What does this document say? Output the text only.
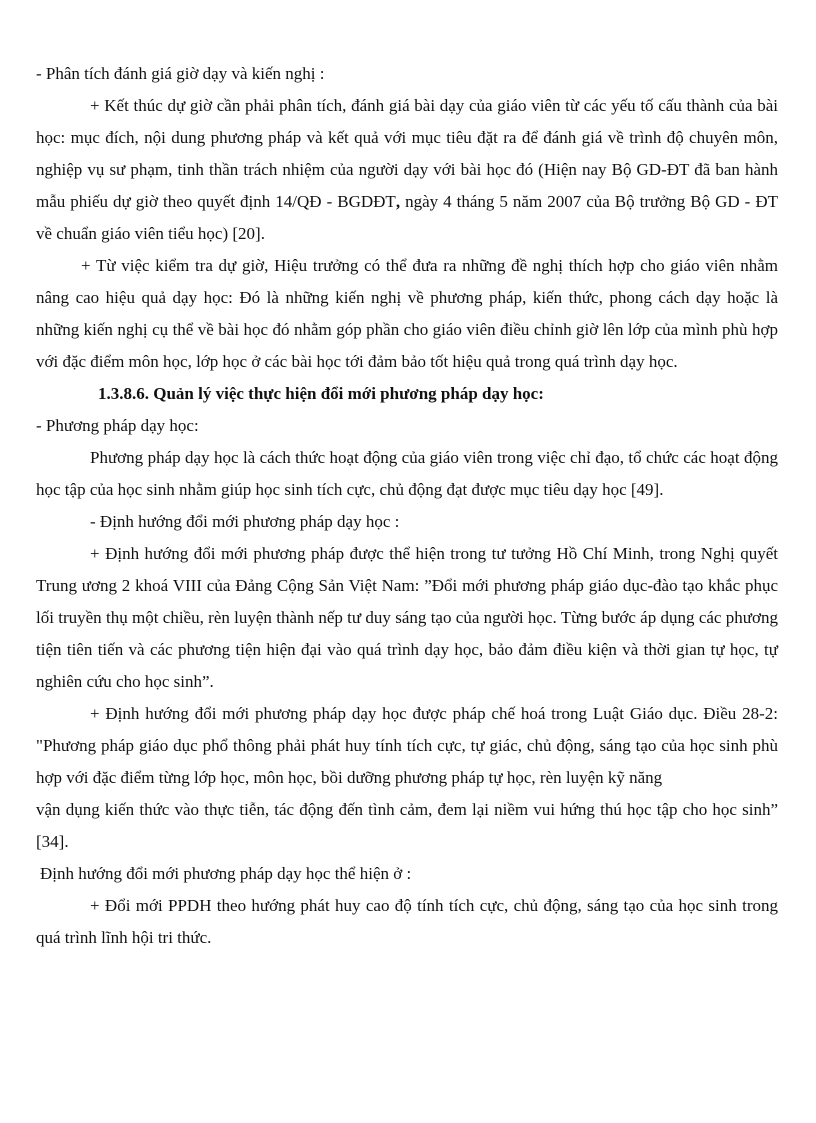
- Phân tích đánh giá giờ dạy và kiến nghị :

+ Kết thúc dự giờ cần phải phân tích, đánh giá bài dạy của giáo viên từ các yếu tố cấu thành của bài học: mục đích, nội dung phương pháp và kết quả với mục tiêu đặt ra để đánh giá về trình độ chuyên môn, nghiệp vụ sư phạm, tinh thần trách nhiệm của người dạy với bài học đó (Hiện nay Bộ GD-ĐT đã ban hành mẫu phiếu dự giờ theo quyết định 14/QĐ - BGDĐT, ngày 4 tháng 5 năm 2007 của Bộ trưởng Bộ GD - ĐT về chuẩn giáo viên tiểu học) [20].

+ Từ việc kiểm tra dự giờ, Hiệu trưởng có thể đưa ra những đề nghị thích hợp cho giáo viên nhằm nâng cao hiệu quả dạy học: Đó là những kiến nghị về phương pháp, kiến thức, phong cách dạy hoặc là những kiến nghị cụ thể về bài học đó nhằm góp phần cho giáo viên điều chỉnh giờ lên lớp của mình phù hợp với đặc điểm môn học, lớp học ở các bài học tới đảm bảo tốt hiệu quả trong quá trình dạy học.

1.3.8.6. Quản lý việc thực hiện đổi mới phương pháp dạy học:

- Phương pháp dạy học:

Phương pháp dạy học là cách thức hoạt động của giáo viên trong việc chỉ đạo, tổ chức các hoạt động học tập của học sinh nhằm giúp học sinh tích cực, chủ động đạt được mục tiêu dạy học [49].

- Định hướng đổi mới phương pháp dạy học :

+ Định hướng đổi mới phương pháp được thể hiện trong tư tưởng Hồ Chí Minh, trong Nghị quyết Trung ương 2 khoá VIII của Đảng Cộng Sản Việt Nam: ”Đổi mới phương pháp giáo dục-đào tạo khắc phục lối truyền thụ một chiều, rèn luyện thành nếp tư duy sáng tạo của người học. Từng bước áp dụng các phương tiện tiên tiến và các phương tiện hiện đại vào quá trình dạy học, bảo đảm điều kiện và thời gian tự học, tự nghiên cứu cho học sinh”.

+ Định hướng đổi mới phương pháp dạy học được pháp chế hoá trong Luật Giáo dục. Điều 28-2: "Phương pháp giáo dục phổ thông phải phát huy tính tích cực, tự giác, chủ động, sáng tạo của học sinh phù hợp với đặc điểm từng lớp học, môn học, bồi dưỡng phương pháp tự học, rèn luyện kỹ năng

vận dụng kiến thức vào thực tiễn, tác động đến tình cảm, đem lại niềm vui hứng thú học tập cho học sinh” [34].

Định hướng đổi mới phương pháp dạy học thể hiện ở :

+ Đổi mới PPDH theo hướng phát huy cao độ tính tích cực, chủ động, sáng tạo của học sinh trong quá trình lĩnh hội tri thức.
